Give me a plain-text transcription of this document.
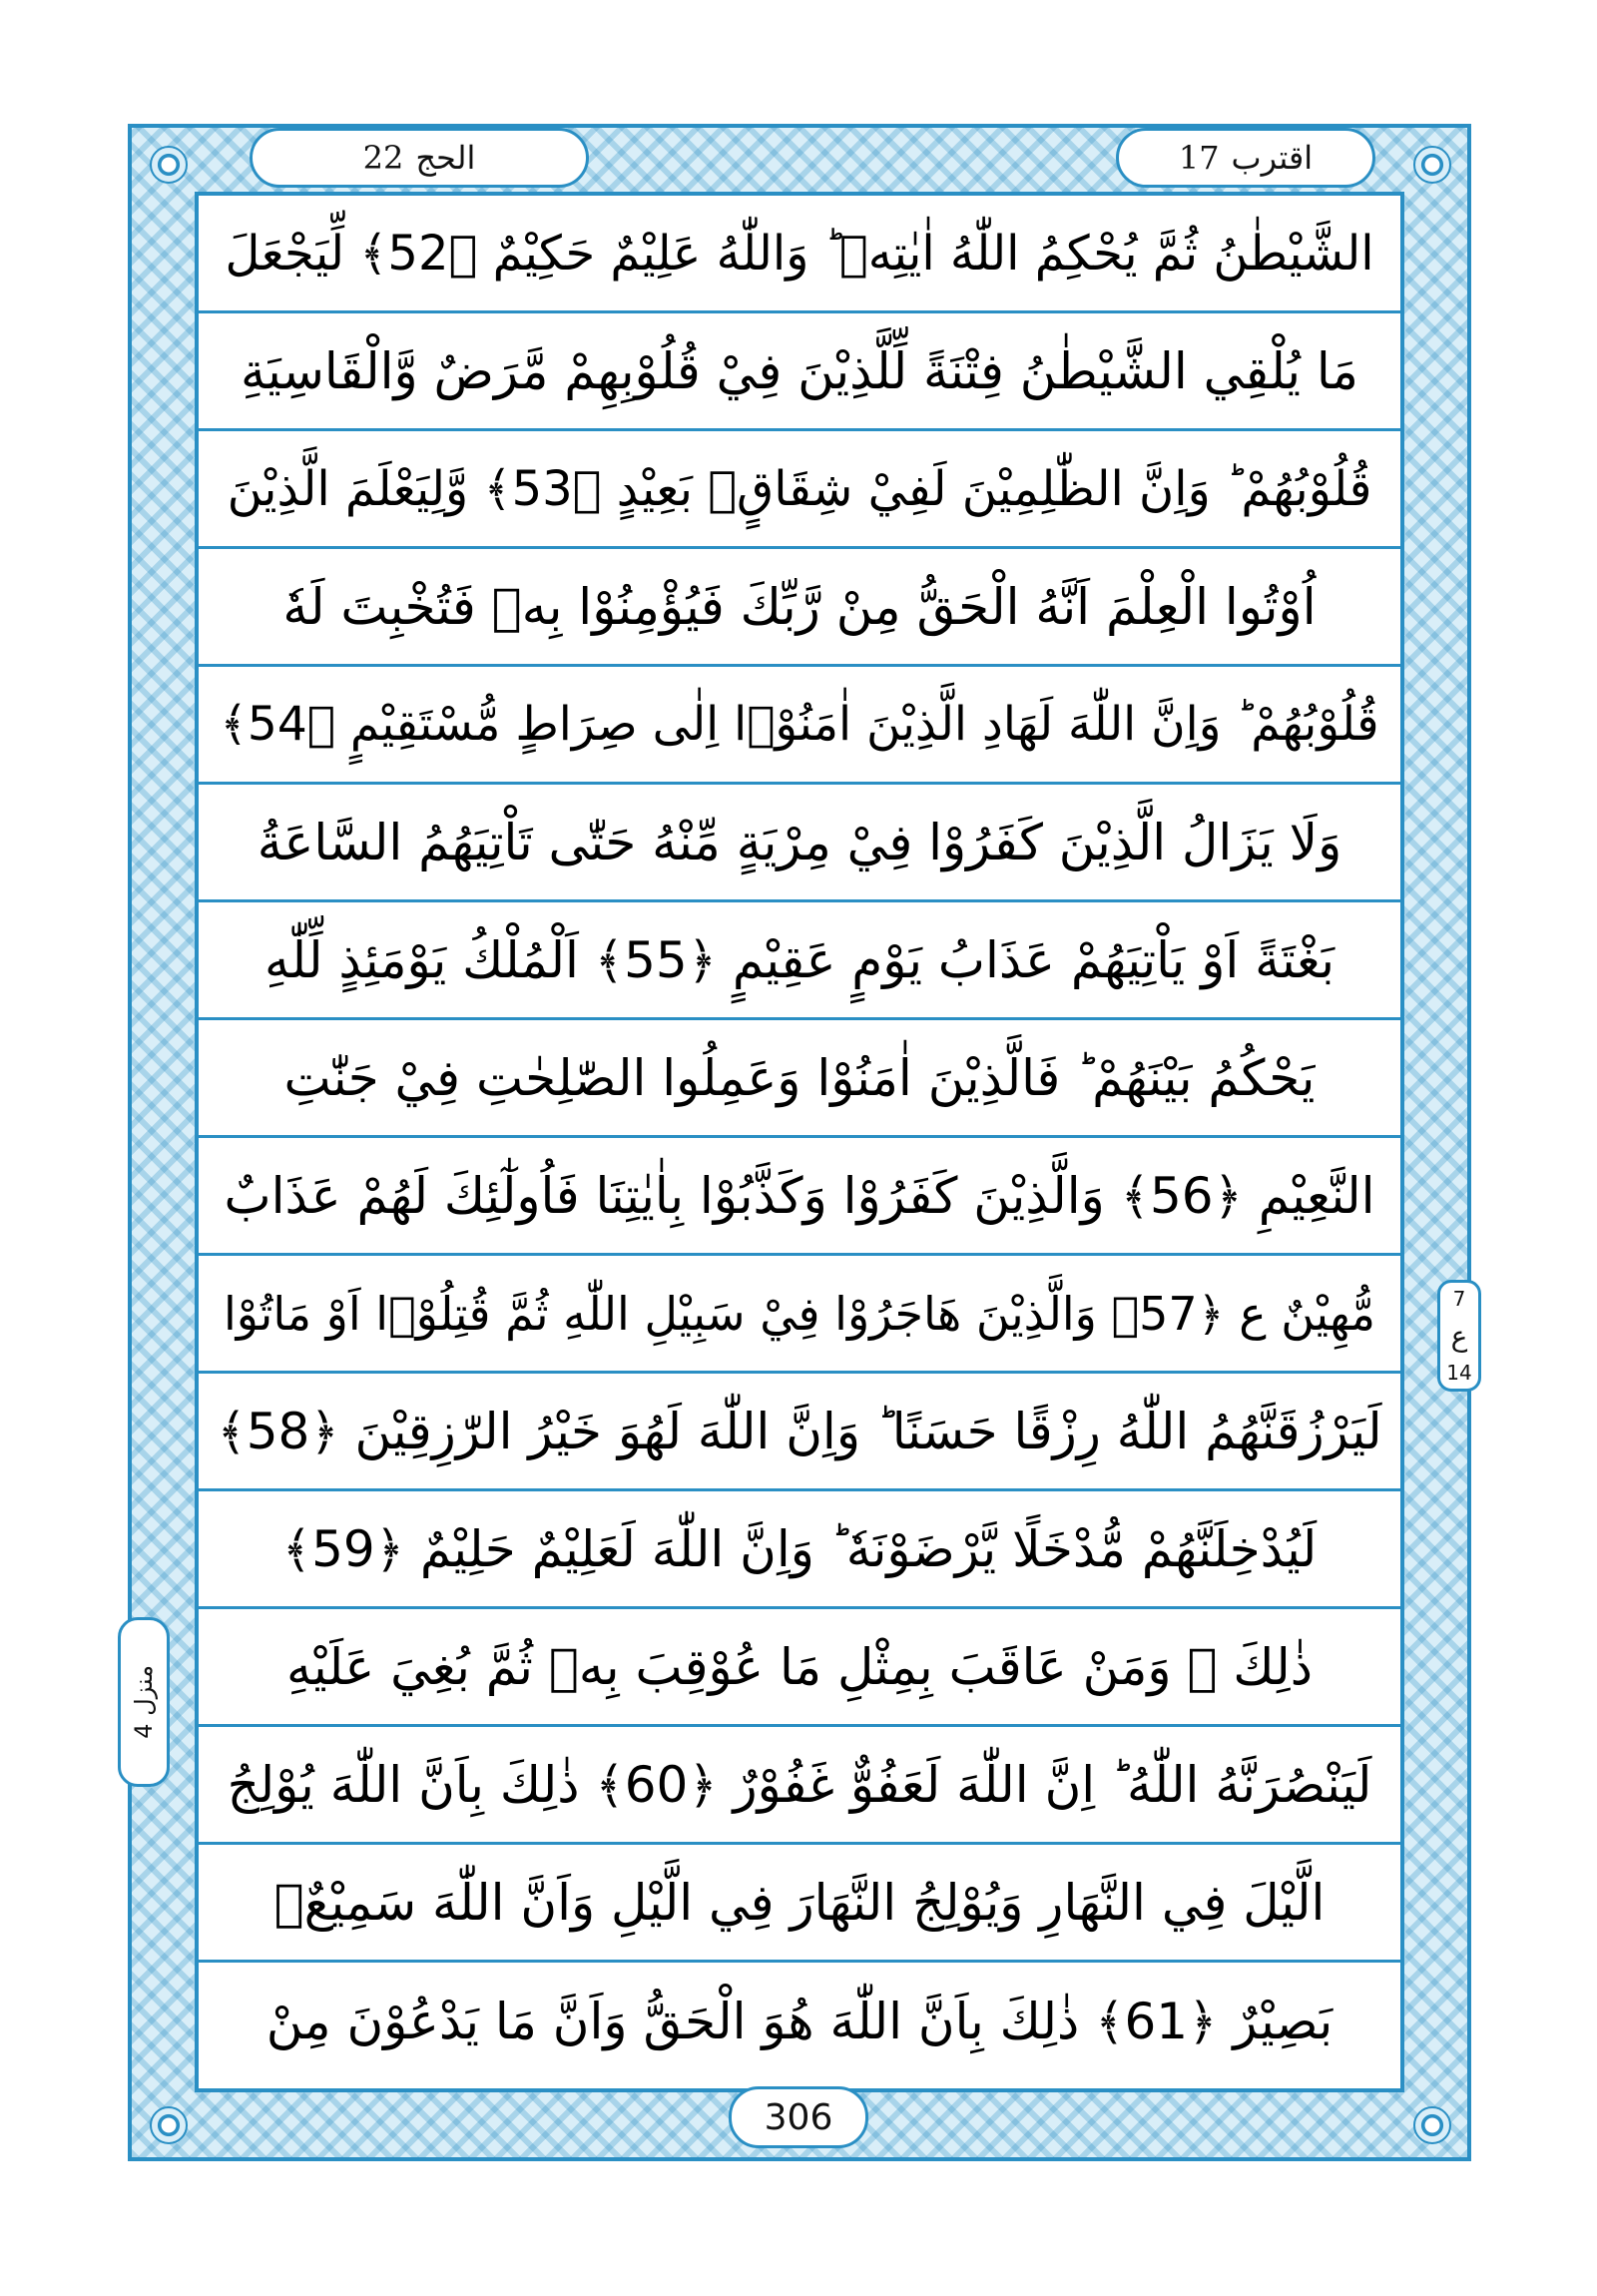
22 الحج	17 اقترب
الشَّيْطٰنُ ثُمَّ يُحْكِمُ اللّٰهُ اٰيٰتِهٖ ؕ وَاللّٰهُ عَلِيْمٌ حَكِيْمٌ ﴿52﴾ لِّيَجْعَلَ
مَا يُلْقِي الشَّيْطٰنُ فِتْنَةً لِّلَّذِيْنَ فِيْ قُلُوْبِهِمْ مَّرَضٌ وَّالْقَاسِيَةِ
قُلُوْبُهُمْ ؕ وَاِنَّ الظّٰلِمِيْنَ لَفِيْ شِقَاقٍۭ بَعِيْدٍ ﴿53﴾ وَّلِيَعْلَمَ الَّذِيْنَ
اُوْتُوا الْعِلْمَ اَنَّهُ الْحَقُّ مِنْ رَّبِّكَ فَيُؤْمِنُوْا بِهٖ فَتُخْبِتَ لَهٗ
قُلُوْبُهُمْ ؕ وَاِنَّ اللّٰهَ لَهَادِ الَّذِيْنَ اٰمَنُوْۤا اِلٰى صِرَاطٍ مُّسْتَقِيْمٍ ﴿54﴾
وَلَا يَزَالُ الَّذِيْنَ كَفَرُوْا فِيْ مِرْيَةٍ مِّنْهُ حَتّٰى تَاْتِيَهُمُ السَّاعَةُ
بَغْتَةً اَوْ يَاْتِيَهُمْ عَذَابُ يَوْمٍ عَقِيْمٍ ﴿55﴾ اَلْمُلْكُ يَوْمَئِذٍ لِّلّٰهِ
يَحْكُمُ بَيْنَهُمْ ؕ فَالَّذِيْنَ اٰمَنُوْا وَعَمِلُوا الصّٰلِحٰتِ فِيْ جَنّٰتِ
النَّعِيْمِ ﴿56﴾ وَالَّذِيْنَ كَفَرُوْا وَكَذَّبُوْا بِاٰيٰتِنَا فَاُولٰٓئِكَ لَهُمْ عَذَابٌ
مُّهِيْنٌ ع ﴿57﴾ وَالَّذِيْنَ هَاجَرُوْا فِيْ سَبِيْلِ اللّٰهِ ثُمَّ قُتِلُوْۤا اَوْ مَاتُوْا
لَيَرْزُقَنَّهُمُ اللّٰهُ رِزْقًا حَسَنًا ؕ وَاِنَّ اللّٰهَ لَهُوَ خَيْرُ الرّٰزِقِيْنَ ﴿58﴾
لَيُدْخِلَنَّهُمْ مُّدْخَلًا يَّرْضَوْنَهٗ ؕ وَاِنَّ اللّٰهَ لَعَلِيْمٌ حَلِيْمٌ ﴿59﴾
ذٰلِكَ ۚ وَمَنْ عَاقَبَ بِمِثْلِ مَا عُوْقِبَ بِهٖ ثُمَّ بُغِيَ عَلَيْهِ
لَيَنْصُرَنَّهُ اللّٰهُ ؕ اِنَّ اللّٰهَ لَعَفُوٌّ غَفُوْرٌ ﴿60﴾ ذٰلِكَ بِاَنَّ اللّٰهَ يُوْلِجُ
الَّيْلَ فِي النَّهَارِ وَيُوْلِجُ النَّهَارَ فِي الَّيْلِ وَاَنَّ اللّٰهَ سَمِيْعٌۢ
بَصِيْرٌ ﴿61﴾ ذٰلِكَ بِاَنَّ اللّٰهَ هُوَ الْحَقُّ وَاَنَّ مَا يَدْعُوْنَ مِنْ
7
ع
14
منزل 4
306
